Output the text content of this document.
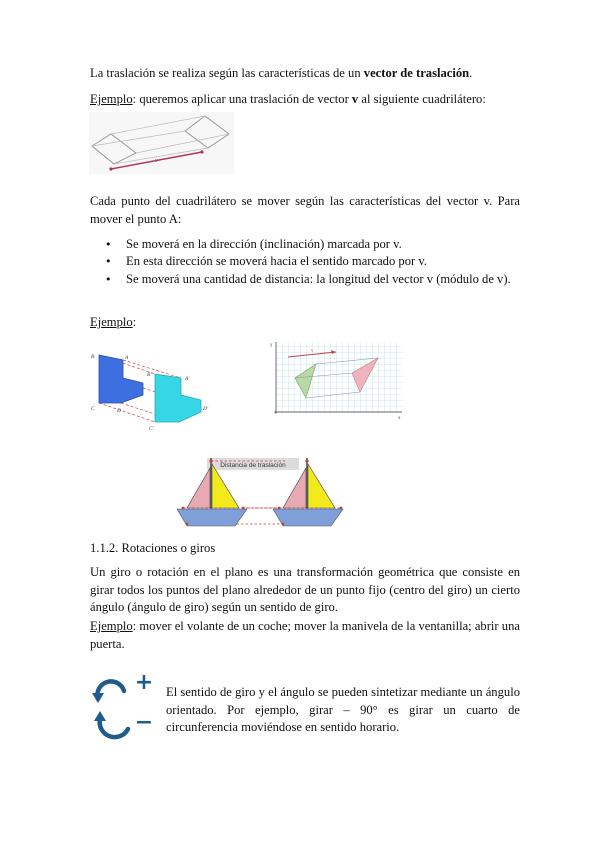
La traslación se realiza según las características de un vector de traslación.

Ejemplo: queremos aplicar una traslación de vector v al siguiente cuadrilátero:

v

Cada punto del cuadrilátero se mover según las características del vector v. Para mover el punto A:

• Se moverá en la dirección (inclinación) marcada por v.
• En esta dirección se moverá hacia el sentido marcado por v.
• Se moverá una cantidad de distancia: la longitud del vector v (módulo de v).

Ejemplo:

B	A
C	D
B'
A'
C'
D'
v
y
x
Distancia de traslación

1.1.2. Rotaciones o giros

Un giro o rotación en el plano es una transformación geométrica que consiste en girar todos los puntos del plano alrededor de un punto fijo (centro del giro) un cierto ángulo (ángulo de giro) según un sentido de giro.

Ejemplo: mover el volante de un coche; mover la manivela de la ventanilla; abrir una puerta.

+
−

El sentido de giro y el ángulo se pueden sintetizar mediante un ángulo orientado. Por ejemplo, girar – 90° es girar un cuarto de circunferencia moviéndose en sentido horario.
